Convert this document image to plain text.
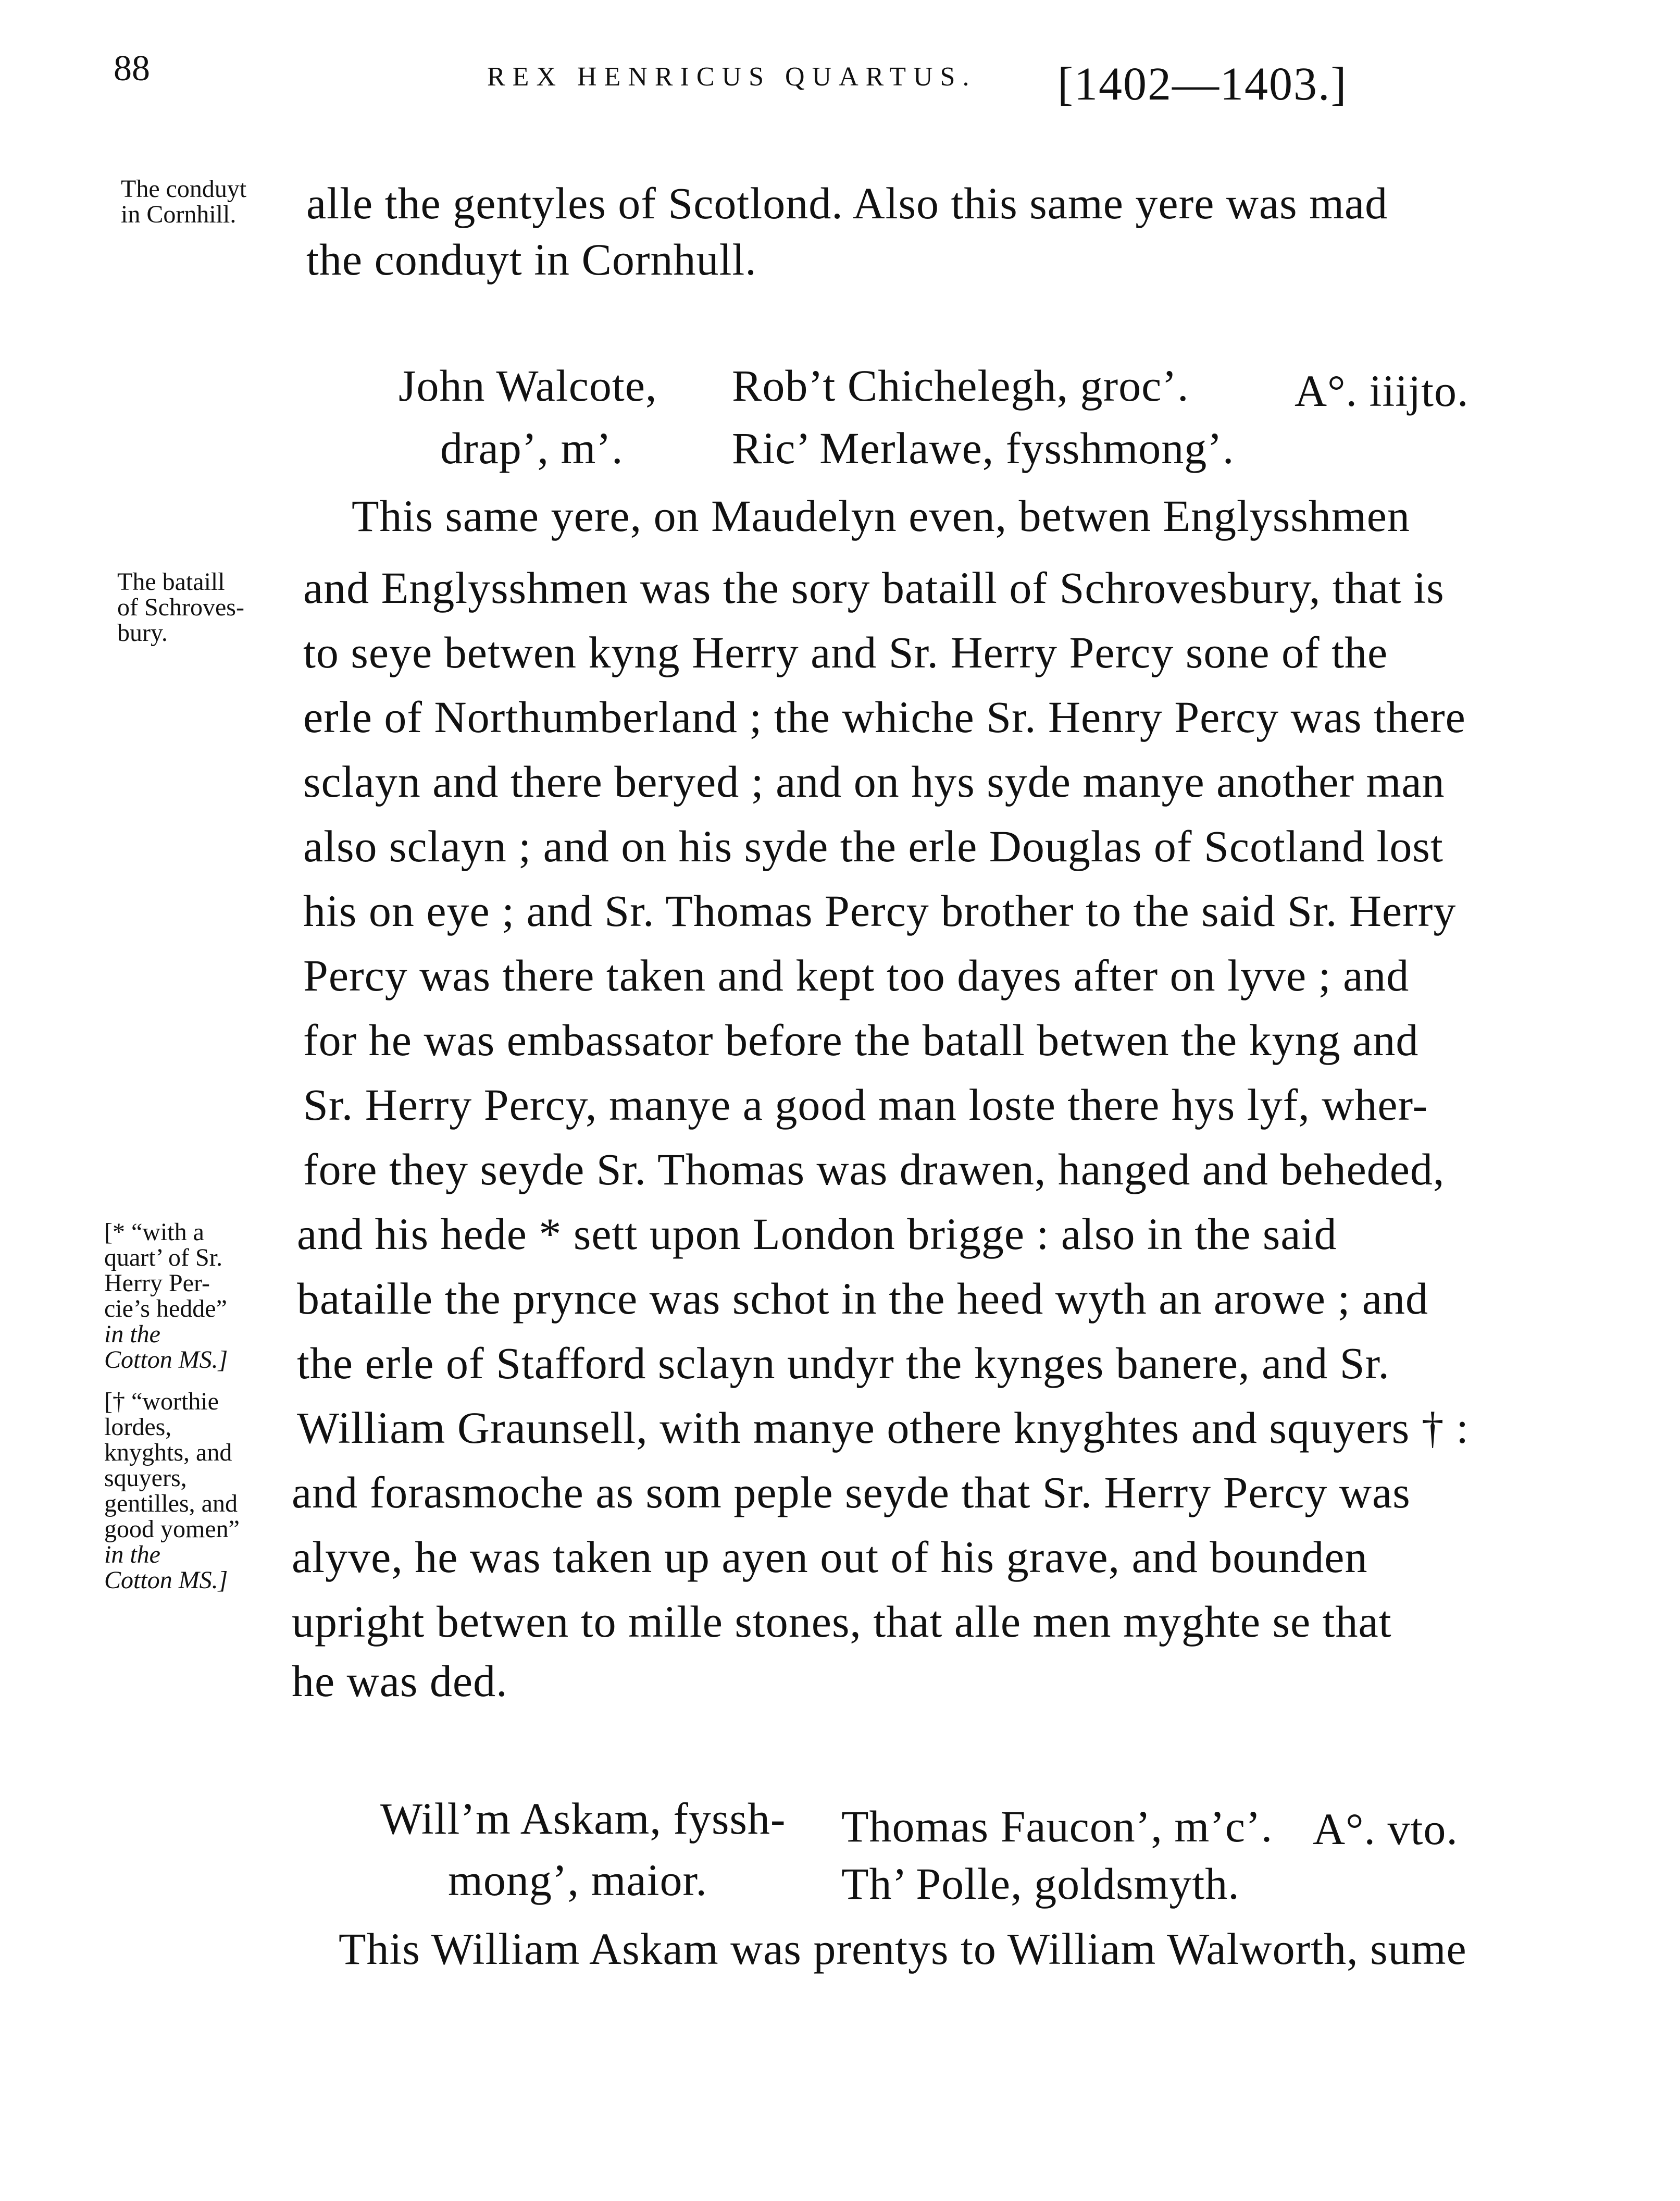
88	REX HENRICUS QUARTUS. [1402—1403.]
The conduyt
in Cornhill. alle the gentyles of Scotlond. Also this same yere was mad
the conduyt in Cornhull.
John Walcote,
drap’, m’.
Rob’t Chichelegh, groc’.
Ric’ Merlawe, fysshmong’.
A°. iiijto.
The bataill
of Schroves-
bury.
This same yere, on Maudelyn even, betwen Englysshmen
and Englysshmen was the sory bataill of Schrovesbury, that is
to seye betwen kyng Herry and Sr. Herry Percy sone of the
erle of Northumberland ; the whiche Sr. Henry Percy was there
sclayn and there beryed ; and on hys syde manye another man
also sclayn ; and on his syde the erle Douglas of Scotland lost
his on eye ; and Sr. Thomas Percy brother to the said Sr. Herry
Percy was there taken and kept too dayes after on lyve ; and
for he was embassator before the batall betwen the kyng and
Sr. Herry Percy, manye a good man loste there hys lyf, wher-
fore they seyde Sr. Thomas was drawen, hanged and beheded,
and his hede * sett upon London brigge : also in the said
bataille the prynce was schot in the heed wyth an arowe ; and
the erle of Stafford sclayn undyr the kynges banere, and Sr.
William Graunsell, with manye othere knyghtes and squyers † :
and forasmoche as som peple seyde that Sr. Herry Percy was
alyve, he was taken up ayen out of his grave, and bounden
upright betwen to mille stones, that alle men myghte se that
he was ded.
[* “with a
quart’ of Sr.
Herry Per-
cie’s hedde”
in the
Cotton MS.]
[† “worthie
lordes,
knyghts, and
squyers,
gentilles, and
good yomen”
in the
Cotton MS.]
Will’m Askam, fyssh-
mong’, maior.
Thomas Faucon’, m’c’.
Th’ Polle, goldsmyth.
A°. vto.
This William Askam was prentys to William Walworth, sume
